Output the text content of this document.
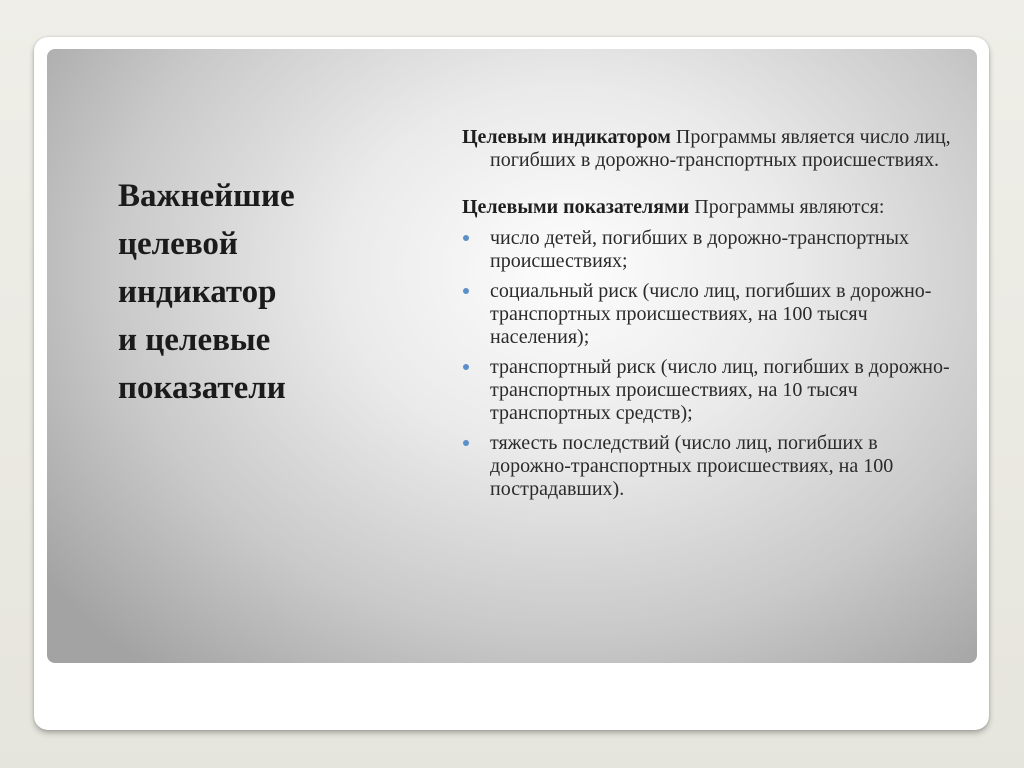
Важнейшие
целевой
индикатор
и целевые
показатели

Целевым индикатором Программы является число лиц, погибших в дорожно-транспортных происшествиях.

Целевыми показателями Программы являются:

число детей, погибших в дорожно-транспортных происшествиях;
социальный риск (число лиц, погибших в дорожно-транспортных происшествиях, на 100 тысяч населения);
транспортный риск (число лиц, погибших в дорожно-транспортных происшествиях, на 10 тысяч транспортных средств);
тяжесть последствий (число лиц, погибших в дорожно-транспортных происшествиях, на 100 пострадавших).
